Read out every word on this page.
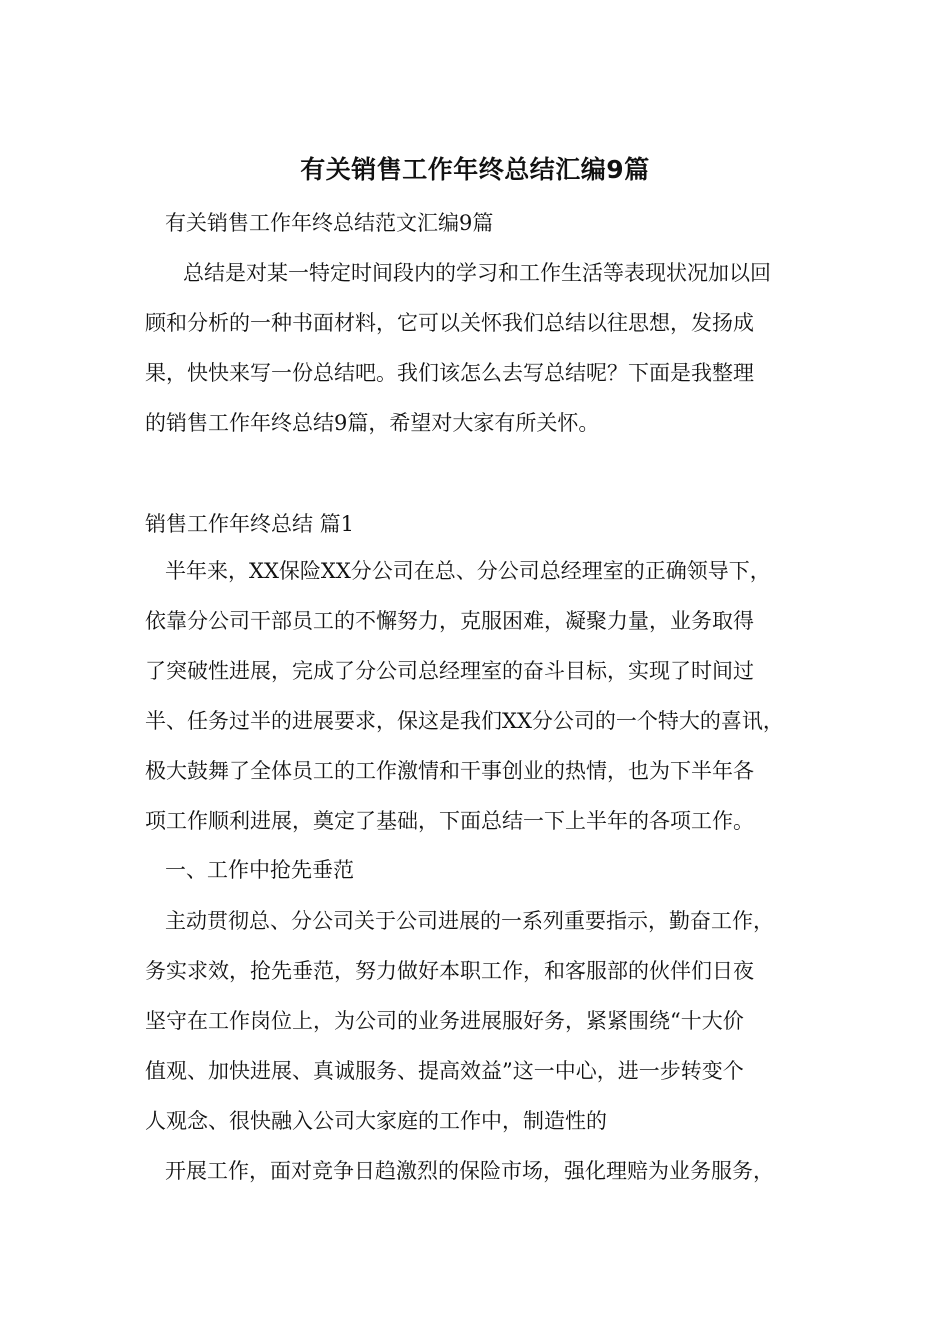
有关销售工作年终总结汇编9篇
有关销售工作年终总结范文汇编9篇
总结是对某一特定时间段内的学习和工作生活等表现状况加以回
顾和分析的一种书面材料，它可以关怀我们总结以往思想，发扬成
果，快快来写一份总结吧。我们该怎么去写总结呢？下面是我整理
的销售工作年终总结9篇，希望对大家有所关怀。
销售工作年终总结 篇1
半年来，XX保险XX分公司在总、分公司总经理室的正确领导下，
依靠分公司干部员工的不懈努力，克服困难，凝聚力量，业务取得
了突破性进展，完成了分公司总经理室的奋斗目标，实现了时间过
半、任务过半的进展要求，保这是我们XX分公司的一个特大的喜讯，
极大鼓舞了全体员工的工作激情和干事创业的热情，也为下半年各
项工作顺利进展，奠定了基础，下面总结一下上半年的各项工作。
一、工作中抢先垂范
主动贯彻总、分公司关于公司进展的一系列重要指示，勤奋工作，
务实求效，抢先垂范，努力做好本职工作，和客服部的伙伴们日夜
坚守在工作岗位上，为公司的业务进展服好务，紧紧围绕“十大价
值观、加快进展、真诚服务、提高效益”这一中心，进一步转变个
人观念、很快融入公司大家庭的工作中，制造性的
开展工作，面对竞争日趋激烈的保险市场，强化理赔为业务服务，
